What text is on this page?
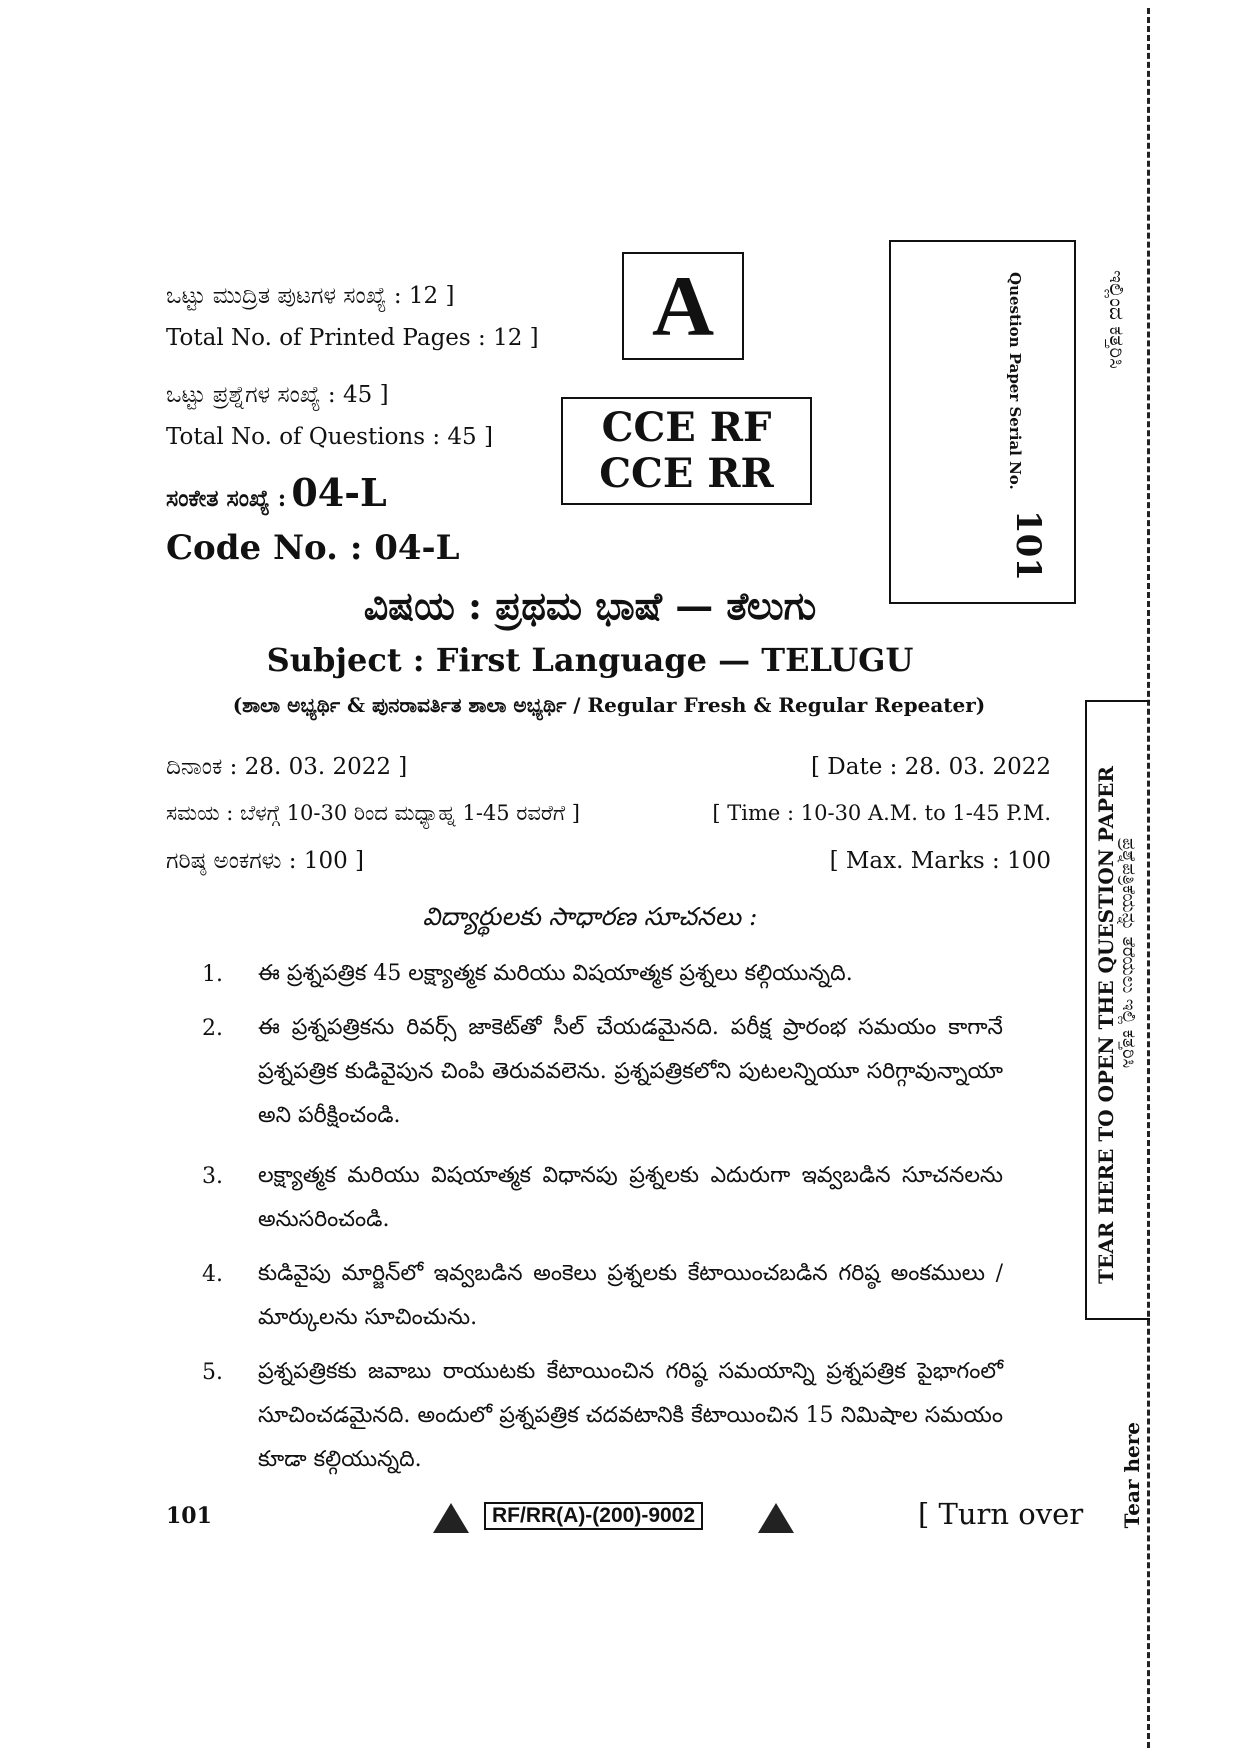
ಒಟ್ಟು ಮುದ್ರಿತ ಪುಟಗಳ ಸಂಖ್ಯೆ : 12 ]
Total No. of Printed Pages : 12 ]
ಒಟ್ಟು ಪ್ರಶ್ನೆಗಳ ಸಂಖ್ಯೆ : 45 ]
Total No. of Questions : 45 ]
ಸಂಕೇತ ಸಂಖ್ಯೆ : 04-L
Code No. : 04-L
A
CCE RF
CCE RR	Question Paper Serial No.
101
ಇಲ್ಲಿಂದ ಕತ್ತರಿಸಿ
TEAR HERE TO OPEN THE QUESTION PAPER ಪ್ರಶ್ನೆಪತ್ರಿಕೆಯನ್ನು ತೆರೆಯಲು ಇಲ್ಲಿ ಕತ್ತರಿಸಿ
Tear here
ವಿಷಯ : ಪ್ರಥಮ ಭಾಷೆ — ತೆಲುಗು
Subject : First Language — TELUGU
(ಶಾಲಾ ಅಭ್ಯರ್ಥಿ & ಪುನರಾವರ್ತಿತ ಶಾಲಾ ಅಭ್ಯರ್ಥಿ / Regular Fresh & Regular Repeater)
ದಿನಾಂಕ : 28. 03. 2022 ]	[ Date : 28. 03. 2022
ಸಮಯ : ಬೆಳಗ್ಗೆ 10-30 ರಿಂದ ಮಧ್ಯಾಹ್ನ 1-45 ರವರೆಗೆ ]	[ Time : 10-30 A.M. to 1-45 P.M.
ಗರಿಷ್ಠ ಅಂಕಗಳು : 100 ]	[ Max. Marks : 100
విద్యార్థులకు సాధారణ సూచనలు :
1. ఈ ప్రశ్నపత్రిక 45 లక్ష్యాత్మక మరియు విషయాత్మక ప్రశ్నలు కల్గియున్నది.
2. ఈ ప్రశ్నపత్రికను రివర్స్ జాకెట్‌తో సీల్ చేయడమైనది. పరీక్ష ప్రారంభ సమయం కాగానే ప్రశ్నపత్రిక కుడివైపున చింపి తెరువవలెను. ప్రశ్నపత్రికలోని పుటలన్నియూ సరిగ్గావున్నాయా అని పరీక్షించండి.
3. లక్ష్యాత్మక మరియు విషయాత్మక విధానపు ప్రశ్నలకు ఎదురుగా ఇవ్వబడిన సూచనలను అనుసరించండి.
4. కుడివైపు మార్జిన్‌లో ఇవ్వబడిన అంకెలు ప్రశ్నలకు కేటాయించబడిన గరిష్ఠ అంకములు / మార్కులను సూచించును.
5. ప్రశ్నపత్రికకు జవాబు రాయుటకు కేటాయించిన గరిష్ఠ సమయాన్ని ప్రశ్నపత్రిక పైభాగంలో సూచించడమైనది. అందులో ప్రశ్నపత్రిక చదవటానికి కేటాయించిన 15 నిమిషాల సమయం కూడా కల్గియున్నది.
101	RF/RR(A)-(200)-9002	[ Turn over
